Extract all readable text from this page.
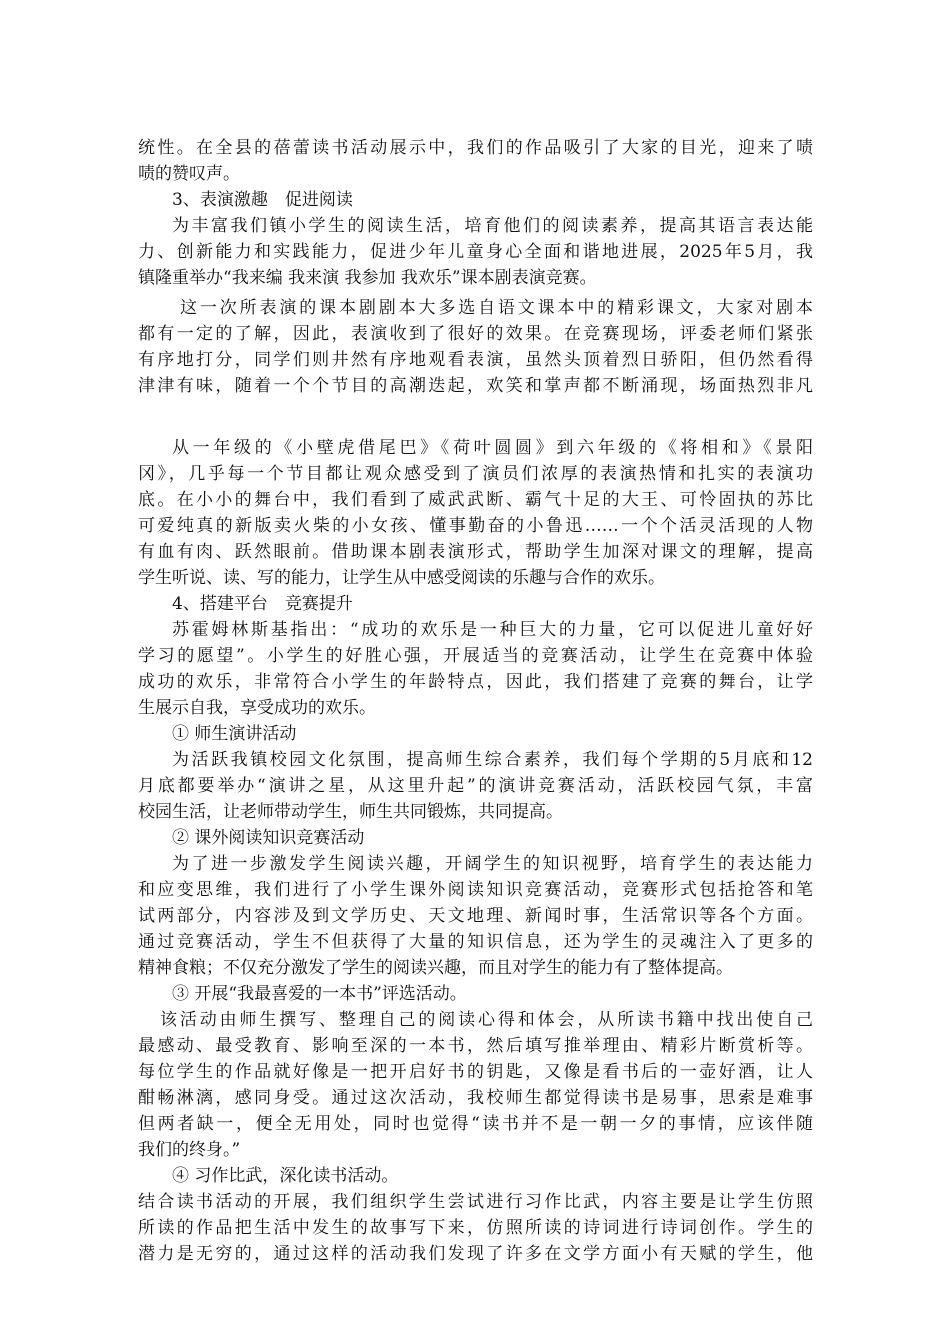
统性。在全县的蓓蕾读书活动展示中，我们的作品吸引了大家的目光，迎来了啧
啧的赞叹声。
3、表演激趣　促进阅读
为丰富我们镇小学生的阅读生活，培育他们的阅读素养，提高其语言表达能
力、创新能力和实践能力，促进少年儿童身心全面和谐地进展，2025年5月，我
镇隆重举办“我来编 我来演 我参加 我欢乐”课本剧表演竞赛。
这一次所表演的课本剧剧本大多选自语文课本中的精彩课文，大家对剧本
都有一定的了解，因此，表演收到了很好的效果。在竞赛现场，评委老师们紧张
有序地打分，同学们则井然有序地观看表演，虽然头顶着烈日骄阳，但仍然看得
津津有味，随着一个个节目的高潮迭起，欢笑和掌声都不断涌现，场面热烈非凡
从一年级的《小壁虎借尾巴》《荷叶圆圆》到六年级的《将相和》《景阳
冈》，几乎每一个节目都让观众感受到了演员们浓厚的表演热情和扎实的表演功
底。在小小的舞台中，我们看到了威武武断、霸气十足的大王、可怜固执的苏比
可爱纯真的新版卖火柴的小女孩、懂事勤奋的小鲁迅……一个个活灵活现的人物
有血有肉、跃然眼前。借助课本剧表演形式，帮助学生加深对课文的理解，提高
学生听说、读、写的能力，让学生从中感受阅读的乐趣与合作的欢乐。
4、搭建平台　竞赛提升
苏霍姆林斯基指出：“成功的欢乐是一种巨大的力量，它可以促进儿童好好
学习的愿望”。小学生的好胜心强，开展适当的竞赛活动，让学生在竞赛中体验
成功的欢乐，非常符合小学生的年龄特点，因此，我们搭建了竞赛的舞台，让学
生展示自我，享受成功的欢乐。
① 师生演讲活动
为活跃我镇校园文化氛围，提高师生综合素养，我们每个学期的5月底和12
月底都要举办“演讲之星，从这里升起”的演讲竞赛活动，活跃校园气氛，丰富
校园生活，让老师带动学生，师生共同锻炼，共同提高。
② 课外阅读知识竞赛活动
为了进一步激发学生阅读兴趣，开阔学生的知识视野，培育学生的表达能力
和应变思维，我们进行了小学生课外阅读知识竞赛活动，竞赛形式包括抢答和笔
试两部分，内容涉及到文学历史、天文地理、新闻时事，生活常识等各个方面。
通过竞赛活动，学生不但获得了大量的知识信息，还为学生的灵魂注入了更多的
精神食粮；不仅充分激发了学生的阅读兴趣，而且对学生的能力有了整体提高。
③ 开展“我最喜爱的一本书”评选活动。
该活动由师生撰写、整理自己的阅读心得和体会，从所读书籍中找出使自己
最感动、最受教育、影响至深的一本书，然后填写推举理由、精彩片断赏析等。
每位学生的作品就好像是一把开启好书的钥匙，又像是看书后的一壶好酒，让人
酣畅淋漓，感同身受。通过这次活动，我校师生都觉得读书是易事，思索是难事
但两者缺一，便全无用处，同时也觉得“读书并不是一朝一夕的事情，应该伴随
我们的终身。”
④ 习作比武，深化读书活动。
结合读书活动的开展，我们组织学生尝试进行习作比武，内容主要是让学生仿照
所读的作品把生活中发生的故事写下来，仿照所读的诗词进行诗词创作。学生的
潜力是无穷的，通过这样的活动我们发现了许多在文学方面小有天赋的学生，他
